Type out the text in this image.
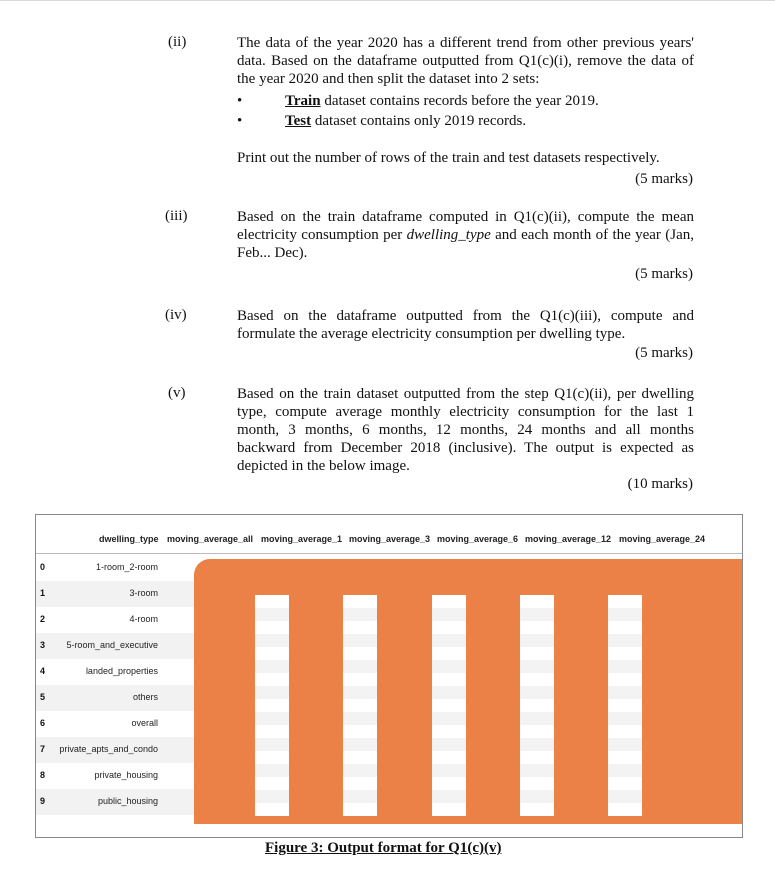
(ii)	The data of the year 2020 has a different trend from other previous years' data. Based on the dataframe outputted from Q1(c)(i), remove the data of the year 2020 and then split the dataset into 2 sets:
•	Train dataset contains records before the year 2019.
•	Test dataset contains only 2019 records.
Print out the number of rows of the train and test datasets respectively.
(5 marks)
(iii)	Based on the train dataframe computed in Q1(c)(ii), compute the mean electricity consumption per dwelling_type and each month of the year (Jan, Feb... Dec).
(5 marks)
(iv)	Based on the dataframe outputted from the Q1(c)(iii), compute and formulate the average electricity consumption per dwelling type.
(5 marks)
(v)	Based on the train dataset outputted from the step Q1(c)(ii), per dwelling type, compute average monthly electricity consumption for the last 1 month, 3 months, 6 months, 12 months, 24 months and all months backward from December 2018 (inclusive). The output is expected as depicted in the below image.
(10 marks)
dwelling_type moving_average_all moving_average_1 moving_average_3 moving_average_6 moving_average_12 moving_average_24
0	1-room_2-room
1	3-room
2	4-room
3 5-room_and_executive
4	landed_properties
5	others
6	overall
7 private_apts_and_condo
8	private_housing
9	public_housing
Figure 3: Output format for Q1(c)(v)
